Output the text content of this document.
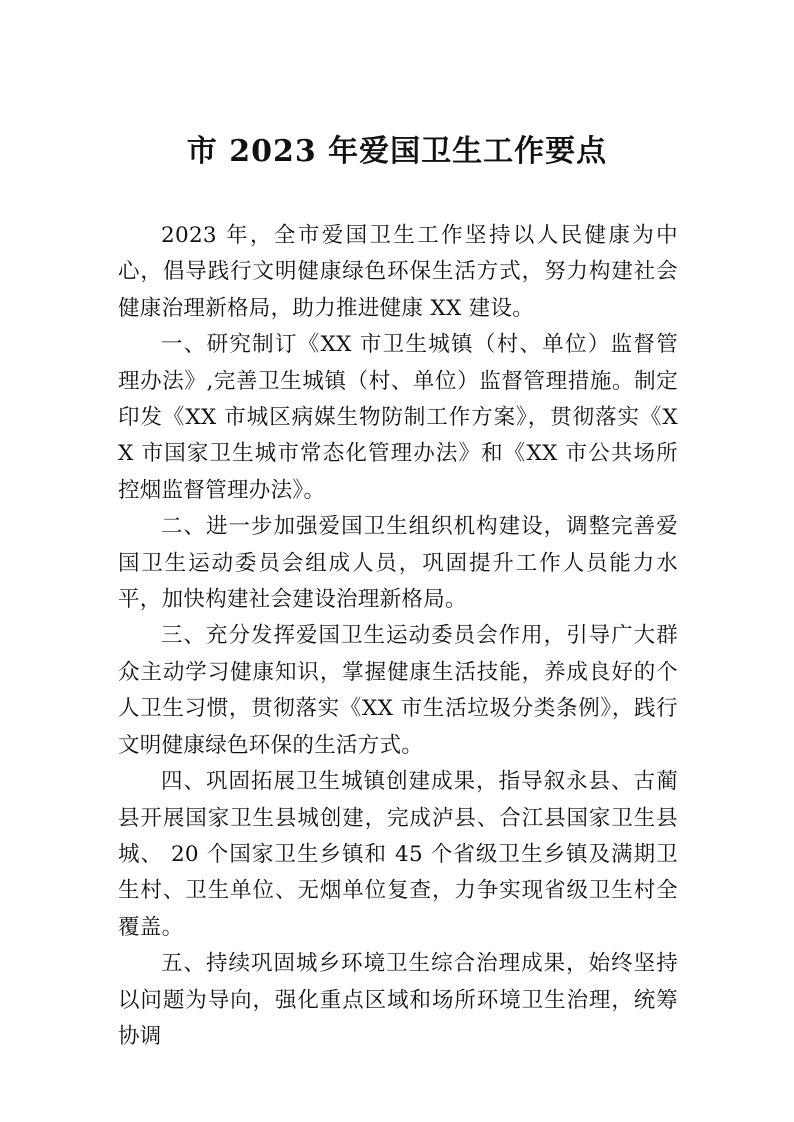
市 2023 年爱国卫生工作要点

2023 年，全市爱国卫生工作坚持以人民健康为中心，倡导践行文明健康绿色环保生活方式，努力构建社会健康治理新格局，助力推进健康 XX 建设。

一、研究制订《XX 市卫生城镇（村、单位）监督管理办法》,完善卫生城镇（村、单位）监督管理措施。制定印发《XX 市城区病媒生物防制工作方案》，贯彻落实《XX 市国家卫生城市常态化管理办法》和《XX 市公共场所控烟监督管理办法》。

二、进一步加强爱国卫生组织机构建设，调整完善爱国卫生运动委员会组成人员，巩固提升工作人员能力水平，加快构建社会建设治理新格局。

三、充分发挥爱国卫生运动委员会作用，引导广大群众主动学习健康知识，掌握健康生活技能，养成良好的个人卫生习惯，贯彻落实《XX 市生活垃圾分类条例》，践行文明健康绿色环保的生活方式。

四、巩固拓展卫生城镇创建成果，指导叙永县、古蔺县开展国家卫生县城创建，完成泸县、合江县国家卫生县城、 20 个国家卫生乡镇和 45 个省级卫生乡镇及满期卫生村、卫生单位、无烟单位复查，力争实现省级卫生村全覆盖。

五、持续巩固城乡环境卫生综合治理成果，始终坚持以问题为导向，强化重点区域和场所环境卫生治理，统筹协调
